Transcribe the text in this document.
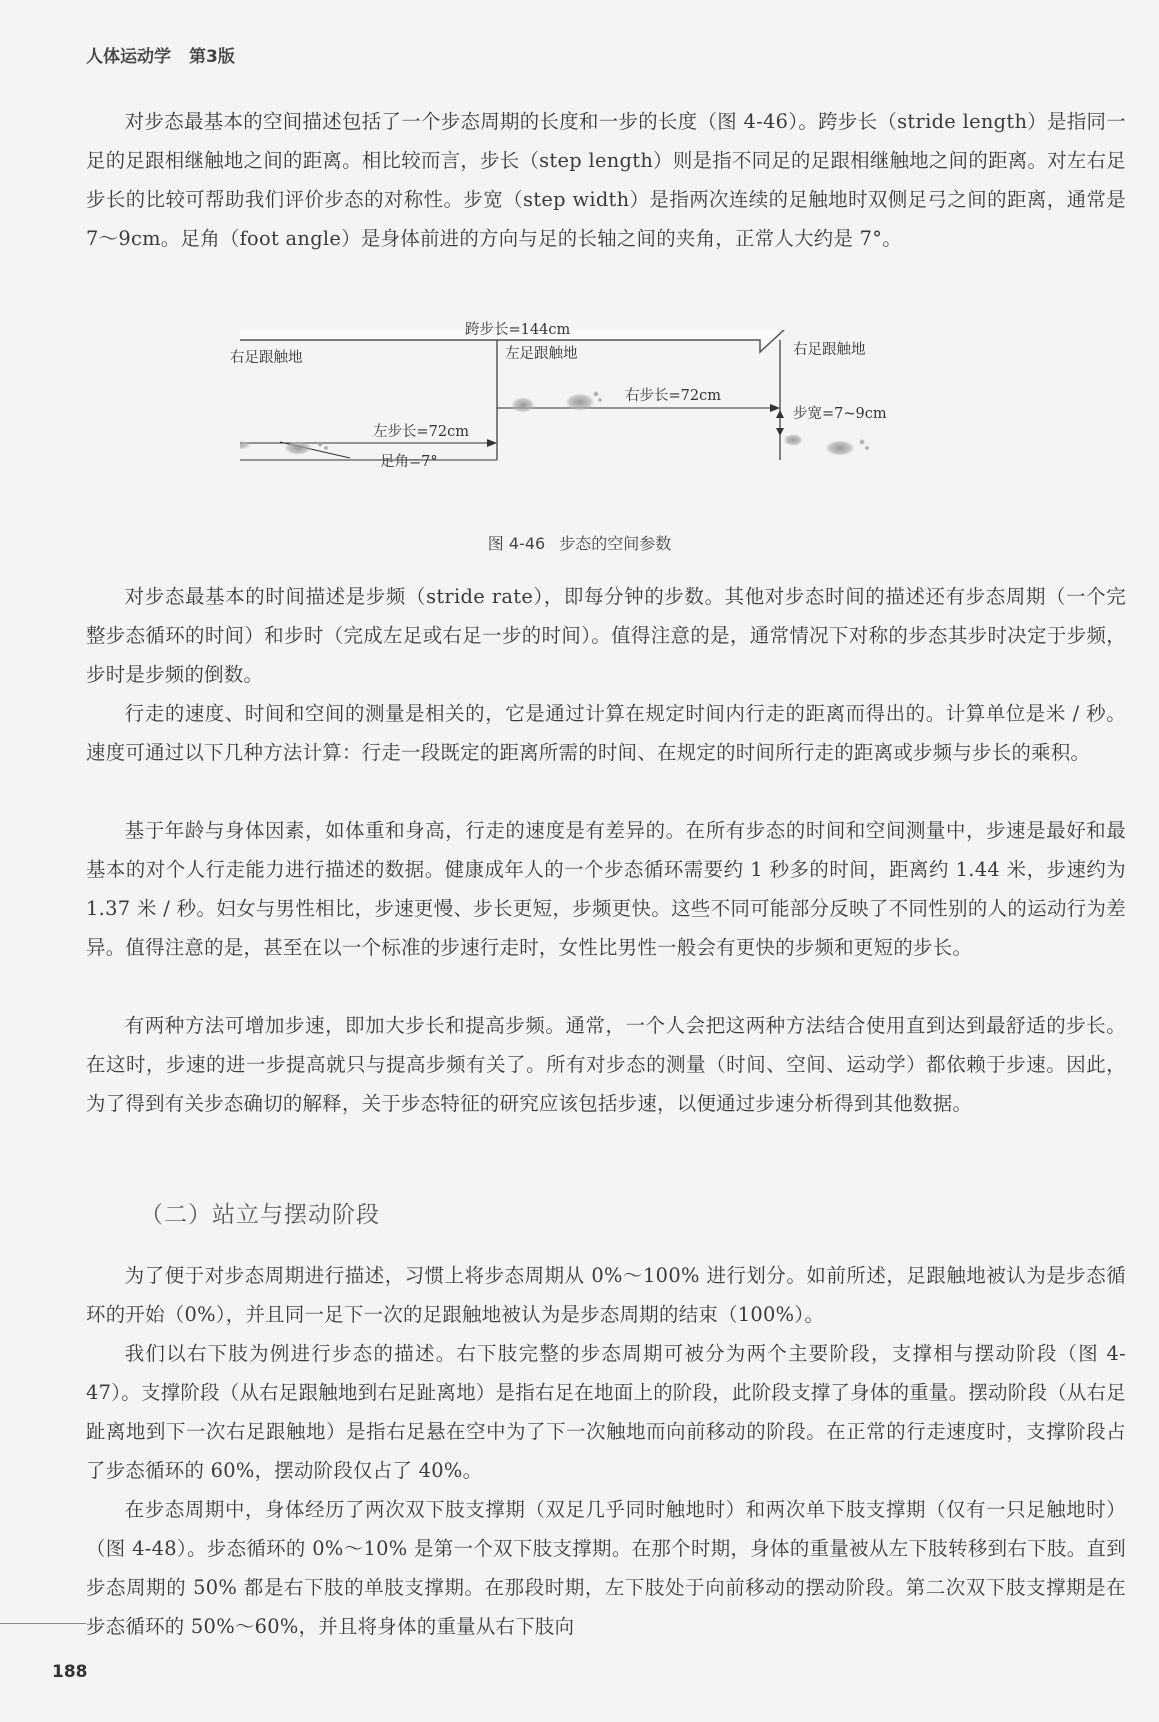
人体运动学 第3版

对步态最基本的空间描述包括了一个步态周期的长度和一步的长度（图 4-46）。跨步长（stride length）是指同一足的足跟相继触地之间的距离。相比较而言，步长（step length）则是指不同足的足跟相继触地之间的距离。对左右足步长的比较可帮助我们评价步态的对称性。步宽（step width）是指两次连续的足触地时双侧足弓之间的距离，通常是 7～9cm。足角（foot angle）是身体前进的方向与足的长轴之间的夹角，正常人大约是 7°。

跨步长=144cm
右足跟触地	左足跟触地	右足跟触地
右步长=72cm
左步长=72cm
步宽=7~9cm
足角=7°
图 4-46 步态的空间参数

对步态最基本的时间描述是步频（stride rate），即每分钟的步数。其他对步态时间的描述还有步态周期（一个完整步态循环的时间）和步时（完成左足或右足一步的时间）。值得注意的是，通常情况下对称的步态其步时决定于步频，步时是步频的倒数。

行走的速度、时间和空间的测量是相关的，它是通过计算在规定时间内行走的距离而得出的。计算单位是米 / 秒。速度可通过以下几种方法计算：行走一段既定的距离所需的时间、在规定的时间所行走的距离或步频与步长的乘积。

基于年龄与身体因素，如体重和身高，行走的速度是有差异的。在所有步态的时间和空间测量中，步速是最好和最基本的对个人行走能力进行描述的数据。健康成年人的一个步态循环需要约 1 秒多的时间，距离约 1.44 米，步速约为 1.37 米 / 秒。妇女与男性相比，步速更慢、步长更短，步频更快。这些不同可能部分反映了不同性别的人的运动行为差异。值得注意的是，甚至在以一个标准的步速行走时，女性比男性一般会有更快的步频和更短的步长。

有两种方法可增加步速，即加大步长和提高步频。通常，一个人会把这两种方法结合使用直到达到最舒适的步长。在这时，步速的进一步提高就只与提高步频有关了。所有对步态的测量（时间、空间、运动学）都依赖于步速。因此，为了得到有关步态确切的解释，关于步态特征的研究应该包括步速，以便通过步速分析得到其他数据。

（二）站立与摆动阶段

为了便于对步态周期进行描述，习惯上将步态周期从 0%～100% 进行划分。如前所述，足跟触地被认为是步态循环的开始（0%），并且同一足下一次的足跟触地被认为是步态周期的结束（100%）。

我们以右下肢为例进行步态的描述。右下肢完整的步态周期可被分为两个主要阶段，支撑相与摆动阶段（图 4-47）。支撑阶段（从右足跟触地到右足趾离地）是指右足在地面上的阶段，此阶段支撑了身体的重量。摆动阶段（从右足趾离地到下一次右足跟触地）是指右足悬在空中为了下一次触地而向前移动的阶段。在正常的行走速度时，支撑阶段占了步态循环的 60%，摆动阶段仅占了 40%。

在步态周期中，身体经历了两次双下肢支撑期（双足几乎同时触地时）和两次单下肢支撑期（仅有一只足触地时）（图 4-48）。步态循环的 0%～10% 是第一个双下肢支撑期。在那个时期，身体的重量被从左下肢转移到右下肢。直到步态周期的 50% 都是右下肢的单肢支撑期。在那段时期，左下肢处于向前移动的摆动阶段。第二次双下肢支撑期是在步态循环的 50%～60%，并且将身体的重量从右下肢向

188
